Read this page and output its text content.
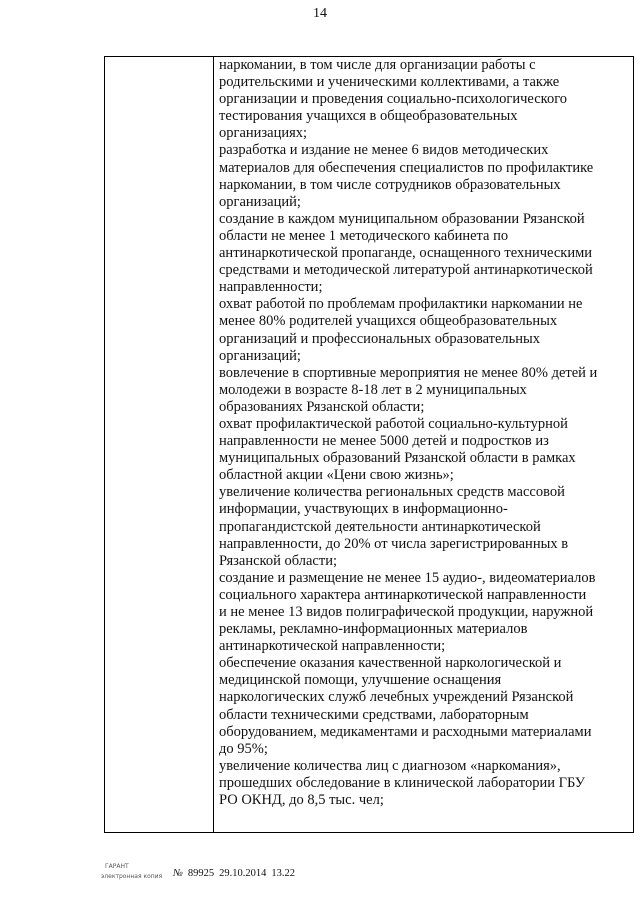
14
наркомании, в том числе для организации работы с
родительскими и ученическими коллективами, а также
организации и проведения социально-психологического
тестирования учащихся в общеобразовательных
организациях;
разработка и издание не менее 6 видов методических
материалов для обеспечения специалистов по профилактике
наркомании, в том числе сотрудников образовательных
организаций;
создание в каждом муниципальном образовании Рязанской
области не менее 1 методического кабинета по
антинаркотической пропаганде, оснащенного техническими
средствами и методической литературой антинаркотической
направленности;
охват работой по проблемам профилактики наркомании не
менее 80% родителей учащихся общеобразовательных
организаций и профессиональных образовательных
организаций;
вовлечение в спортивные мероприятия не менее 80% детей и
молодежи в возрасте 8-18 лет в 2 муниципальных
образованиях Рязанской области;
охват профилактической работой социально-культурной
направленности не менее 5000 детей и подростков из
муниципальных образований Рязанской области в рамках
областной акции «Цени свою жизнь»;
увеличение количества региональных средств массовой
информации, участвующих в информационно-
пропагандистской деятельности антинаркотической
направленности, до 20% от числа зарегистрированных в
Рязанской области;
создание и размещение не менее 15 аудио-, видеоматериалов
социального характера антинаркотической направленности
и не менее 13 видов полиграфической продукции, наружной
рекламы, рекламно-информационных материалов
антинаркотической направленности;
обеспечение оказания качественной наркологической и
медицинской помощи, улучшение оснащения
наркологических служб лечебных учреждений Рязанской
области техническими средствами, лабораторным
оборудованием, медикаментами и расходными материалами
до 95%;
увеличение количества лиц с диагнозом «наркомания»,
прошедших обследование в клинической лаборатории ГБУ
РО ОКНД, до 8,5 тыс. чел;
ГАРАНТ
электронная копия № 89925 29.10.2014 13.22
